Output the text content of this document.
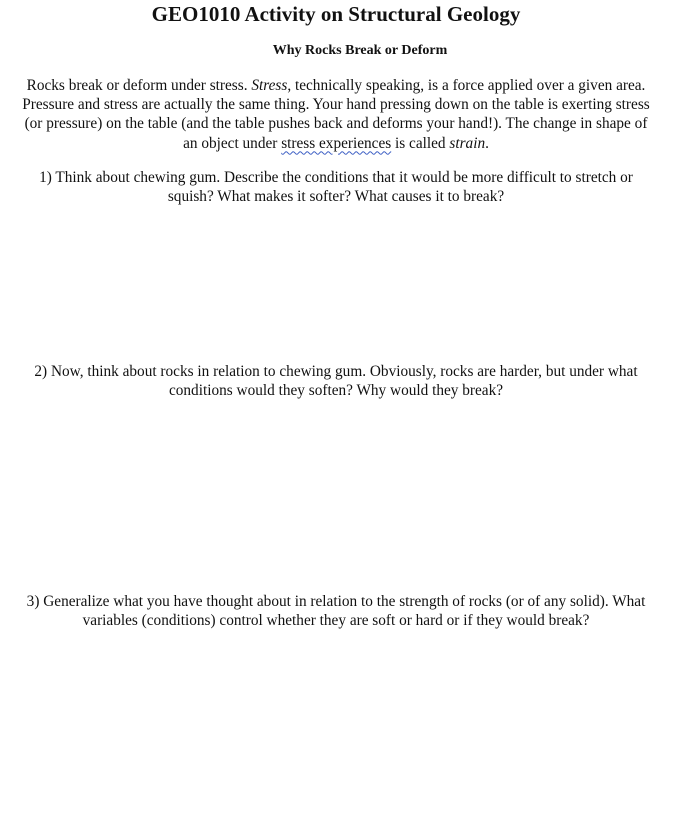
GEO1010 Activity on Structural Geology
Why Rocks Break or Deform

Rocks break or deform under stress. Stress, technically speaking, is a force applied over a given area. Pressure and stress are actually the same thing. Your hand pressing down on the table is exerting stress (or pressure) on the table (and the table pushes back and deforms your hand!). The change in shape of an object under stress experiences is called strain.

1) Think about chewing gum. Describe the conditions that it would be more difficult to stretch or squish? What makes it softer? What causes it to break?

2) Now, think about rocks in relation to chewing gum. Obviously, rocks are harder, but under what conditions would they soften? Why would they break?

3) Generalize what you have thought about in relation to the strength of rocks (or of any solid). What variables (conditions) control whether they are soft or hard or if they would break?
